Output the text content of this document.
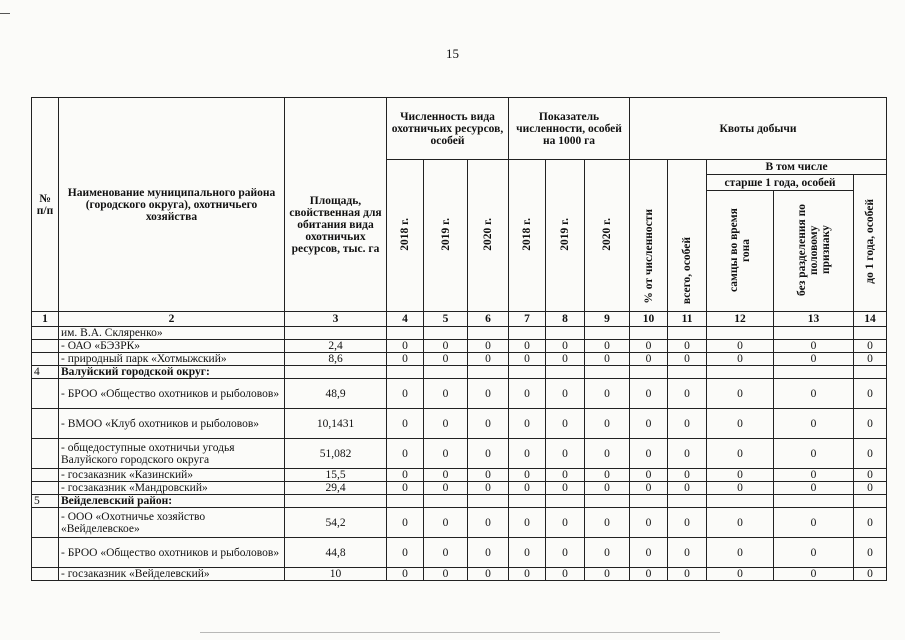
15
№ п/п	Наименование муниципального района (городского округа), охотничьего хозяйства	Площадь, свойственная для обитания вида охотничьих ресурсов, тыс. га	Численность вида охотничьих ресурсов, особей			Показатель численности, особей на 1000 га			Квоты добычи				
			2018 г.	2019 г.	2020 г.	2018 г.	2019 г.	2020 г.	% от численности	всего, особей	В том числе		
											старше 1 года, особей		до 1 года, особей
											самцы во время гона	без разделения по половому признаку	
1	2	3	4	5	6	7	8	9	10	11	12	13	14
	им. В.А. Скляренко»												
	- ОАО «БЭЗРК»	2,4	0	0	0	0	0	0	0	0	0	0	0
	- природный парк «Хотмыжский»	8,6	0	0	0	0	0	0	0	0	0	0	0
4	Валуйский городской округ:												
	- БРОО «Общество охотников и рыболовов»	48,9	0	0	0	0	0	0	0	0	0	0	0
	- ВМОО «Клуб охотников и рыболовов»	10,1431	0	0	0	0	0	0	0	0	0	0	0
	- общедоступные охотничьи угодья Валуйского городского округа	51,082	0	0	0	0	0	0	0	0	0	0	0
	- госзаказник «Казинский»	15,5	0	0	0	0	0	0	0	0	0	0	0
	- госзаказник «Мандровский»	29,4	0	0	0	0	0	0	0	0	0	0	0
5	Вейделевский район:												
	- ООО «Охотничье хозяйство «Вейделевское»	54,2	0	0	0	0	0	0	0	0	0	0	0
	- БРОО «Общество охотников и рыболовов»	44,8	0	0	0	0	0	0	0	0	0	0	0
	- госзаказник «Вейделевский»	10	0	0	0	0	0	0	0	0	0	0	0
